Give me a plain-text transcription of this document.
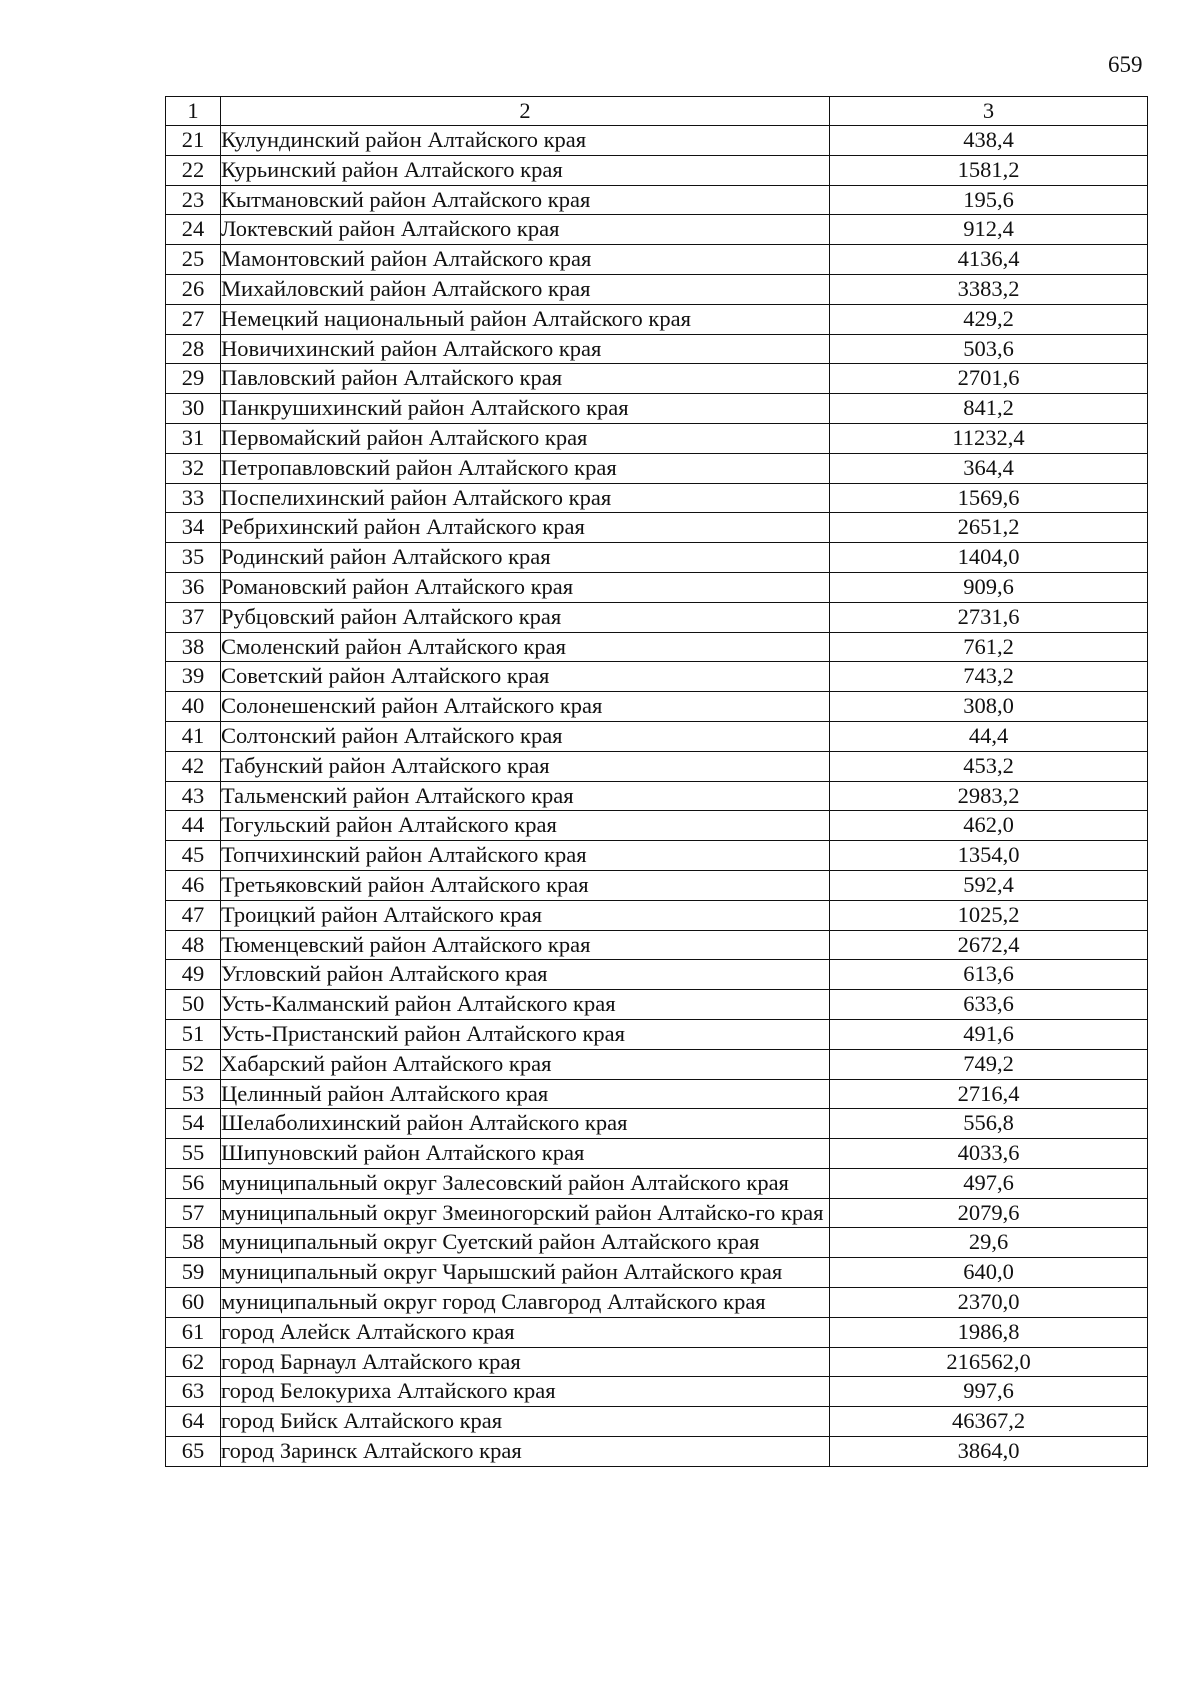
659
1	2	3
21	Кулундинский район Алтайского края	438,4
22	Курьинский район Алтайского края	1581,2
23	Кытмановский район Алтайского края	195,6
24	Локтевский район Алтайского края	912,4
25	Мамонтовский район Алтайского края	4136,4
26	Михайловский район Алтайского края	3383,2
27	Немецкий национальный район Алтайского края	429,2
28	Новичихинский район Алтайского края	503,6
29	Павловский район Алтайского края	2701,6
30	Панкрушихинский район Алтайского края	841,2
31	Первомайский район Алтайского края	11232,4
32	Петропавловский район Алтайского края	364,4
33	Поспелихинский район Алтайского края	1569,6
34	Ребрихинский район Алтайского края	2651,2
35	Родинский район Алтайского края	1404,0
36	Романовский район Алтайского края	909,6
37	Рубцовский район Алтайского края	2731,6
38	Смоленский район Алтайского края	761,2
39	Советский район Алтайского края	743,2
40	Солонешенский район Алтайского края	308,0
41	Солтонский район Алтайского края	44,4
42	Табунский район Алтайского края	453,2
43	Тальменский район Алтайского края	2983,2
44	Тогульский район Алтайского края	462,0
45	Топчихинский район Алтайского края	1354,0
46	Третьяковский район Алтайского края	592,4
47	Троицкий район Алтайского края	1025,2
48	Тюменцевский район Алтайского края	2672,4
49	Угловский район Алтайского края	613,6
50	Усть-Калманский район Алтайского края	633,6
51	Усть-Пристанский район Алтайского края	491,6
52	Хабарский район Алтайского края	749,2
53	Целинный район Алтайского края	2716,4
54	Шелаболихинский район Алтайского края	556,8
55	Шипуновский район Алтайского края	4033,6
56	муниципальный округ Залесовский район Алтайского края	497,6
57	муниципальный округ Змеиногорский район Алтайско-го края	2079,6
58	муниципальный округ Суетский район Алтайского края	29,6
59	муниципальный округ Чарышский район Алтайского края	640,0
60	муниципальный округ город Славгород Алтайского края	2370,0
61	город Алейск Алтайского края	1986,8
62	город Барнаул Алтайского края	216562,0
63	город Белокуриха Алтайского края	997,6
64	город Бийск Алтайского края	46367,2
65	город Заринск Алтайского края	3864,0
